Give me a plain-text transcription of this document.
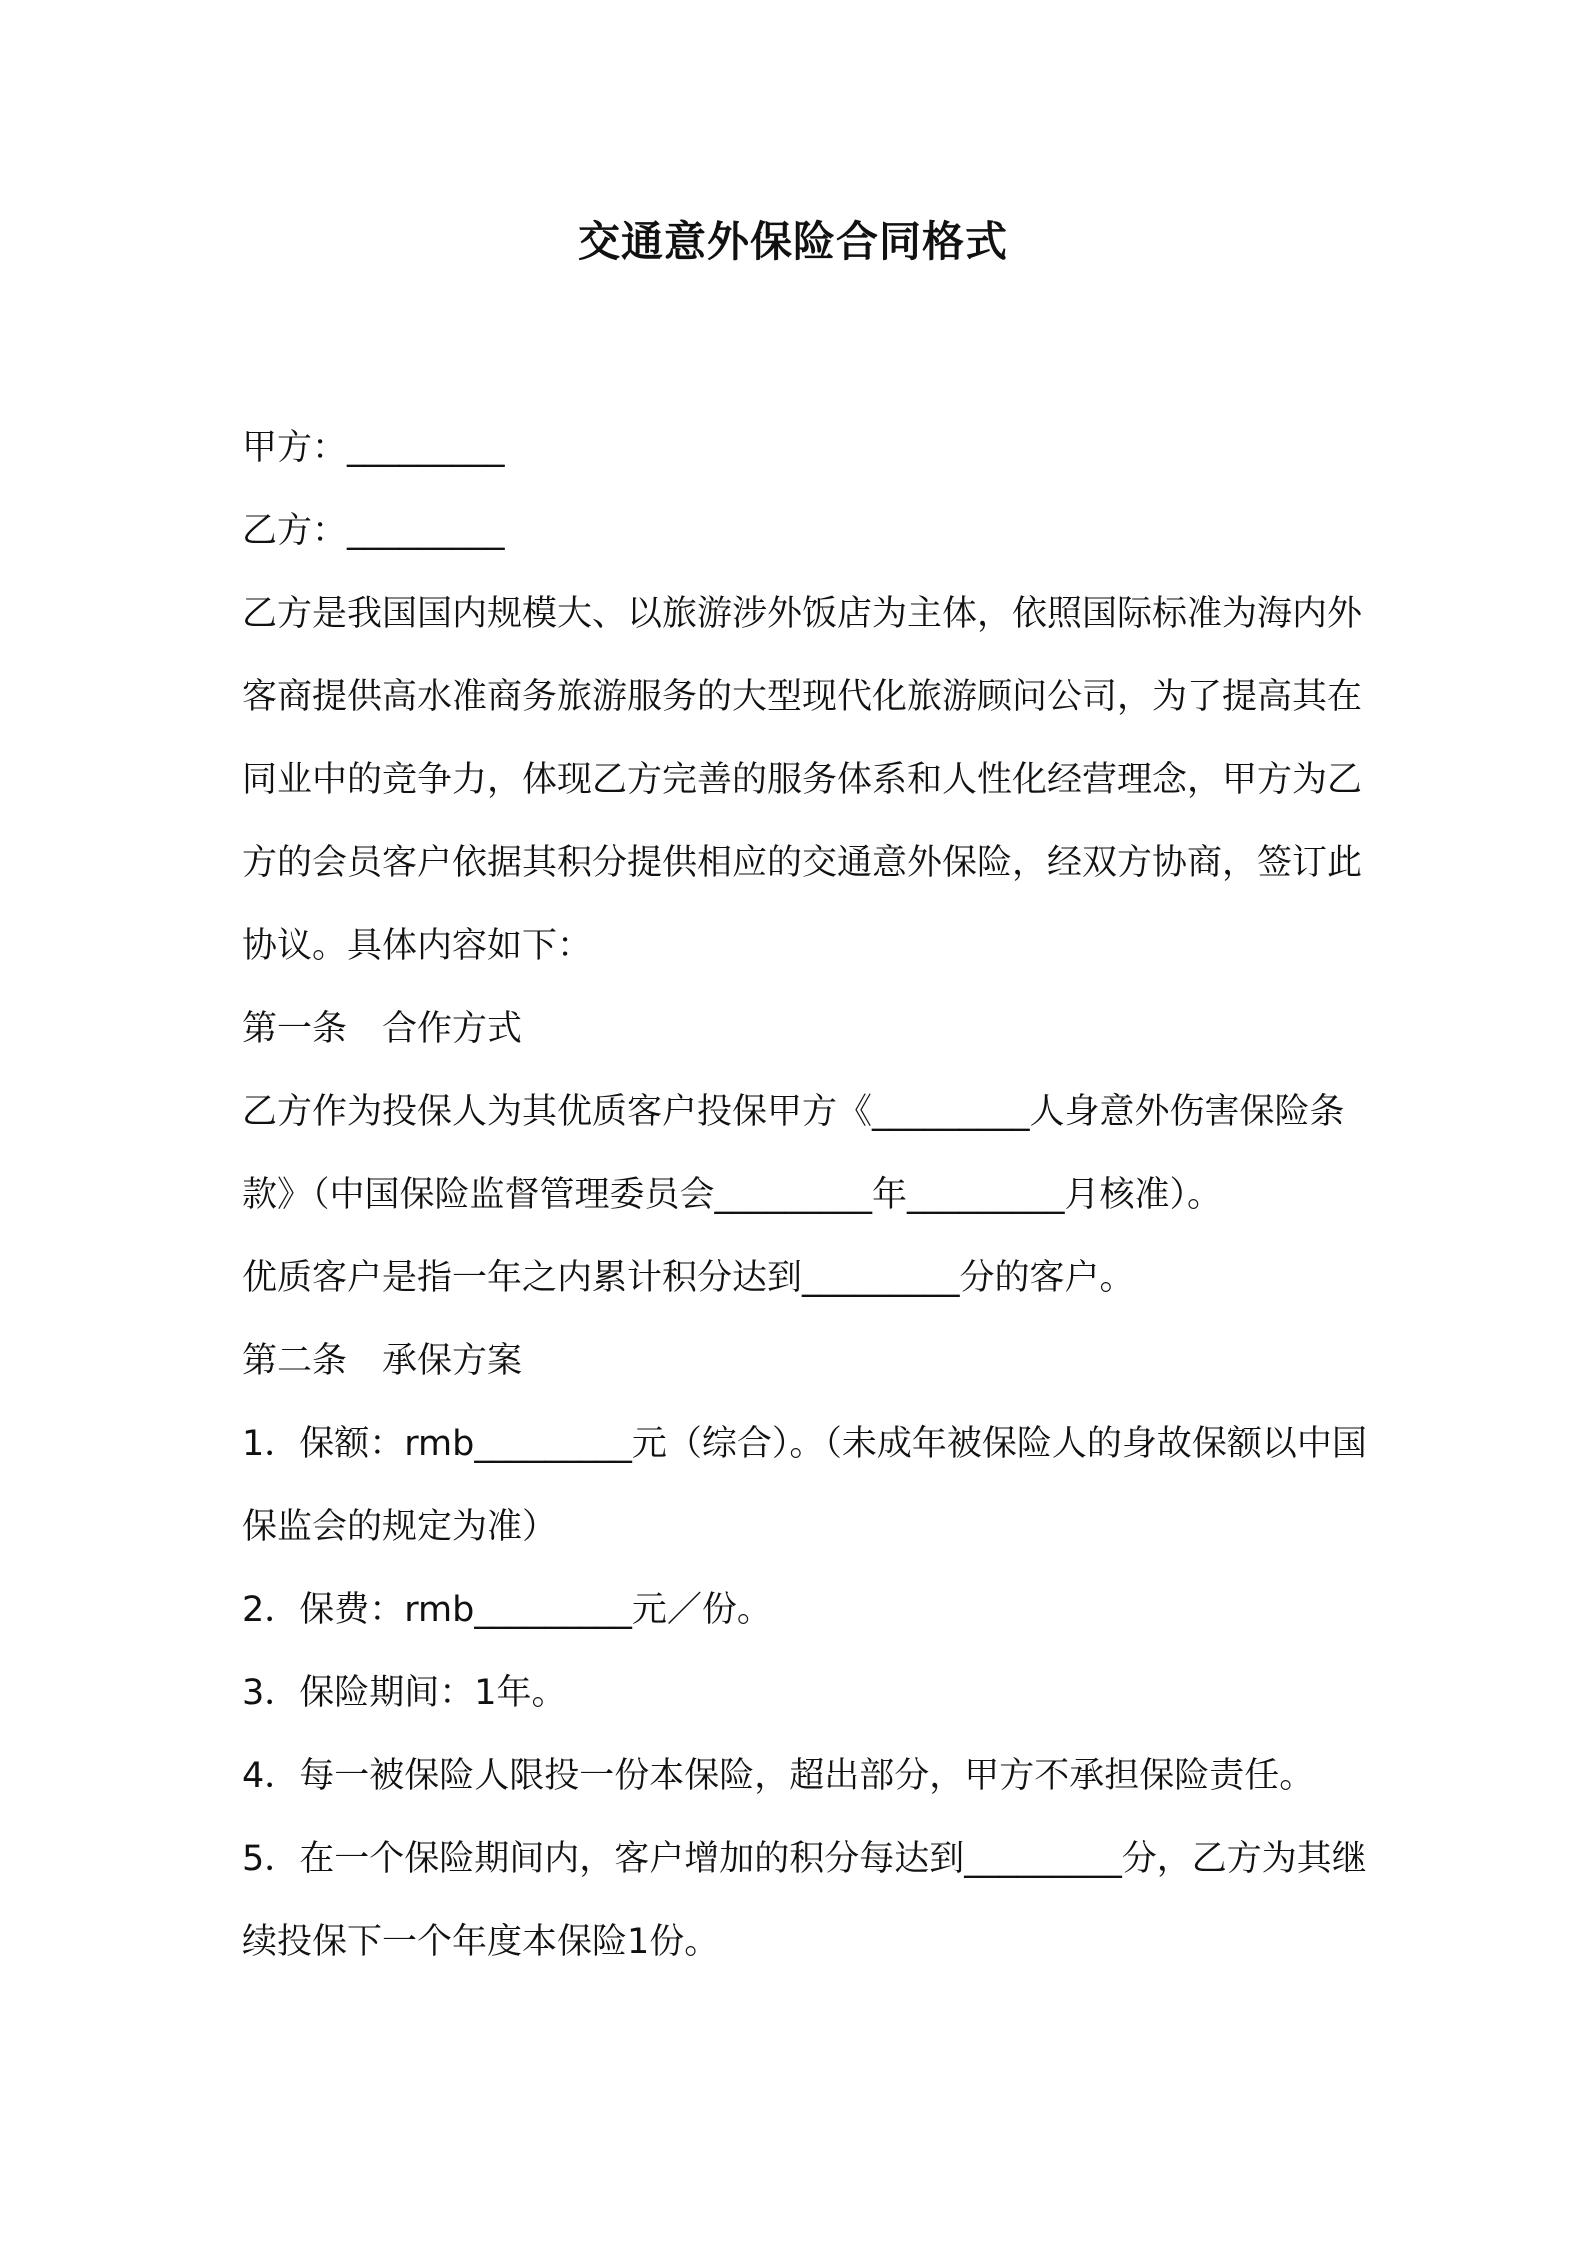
交通意外保险合同格式

甲方：_________

乙方：_________

乙方是我国国内规模大、以旅游涉外饭店为主体，依照国际标准为海内外客商提供高水准商务旅游服务的大型现代化旅游顾问公司，为了提高其在同业中的竞争力，体现乙方完善的服务体系和人性化经营理念，甲方为乙方的会员客户依据其积分提供相应的交通意外保险，经双方协商，签订此协议。具体内容如下：

第一条　合作方式

乙方作为投保人为其优质客户投保甲方《_________人身意外伤害保险条款》（中国保险监督管理委员会_________年_________月核准）。

优质客户是指一年之内累计积分达到_________分的客户。

第二条　承保方案

1．保额：rmb_________元（综合）。（未成年被保险人的身故保额以中国保监会的规定为准）

2．保费：rmb_________元／份。

3．保险期间：1年。

4．每一被保险人限投一份本保险，超出部分，甲方不承担保险责任。

5．在一个保险期间内，客户增加的积分每达到_________分，乙方为其继续投保下一个年度本保险1份。
